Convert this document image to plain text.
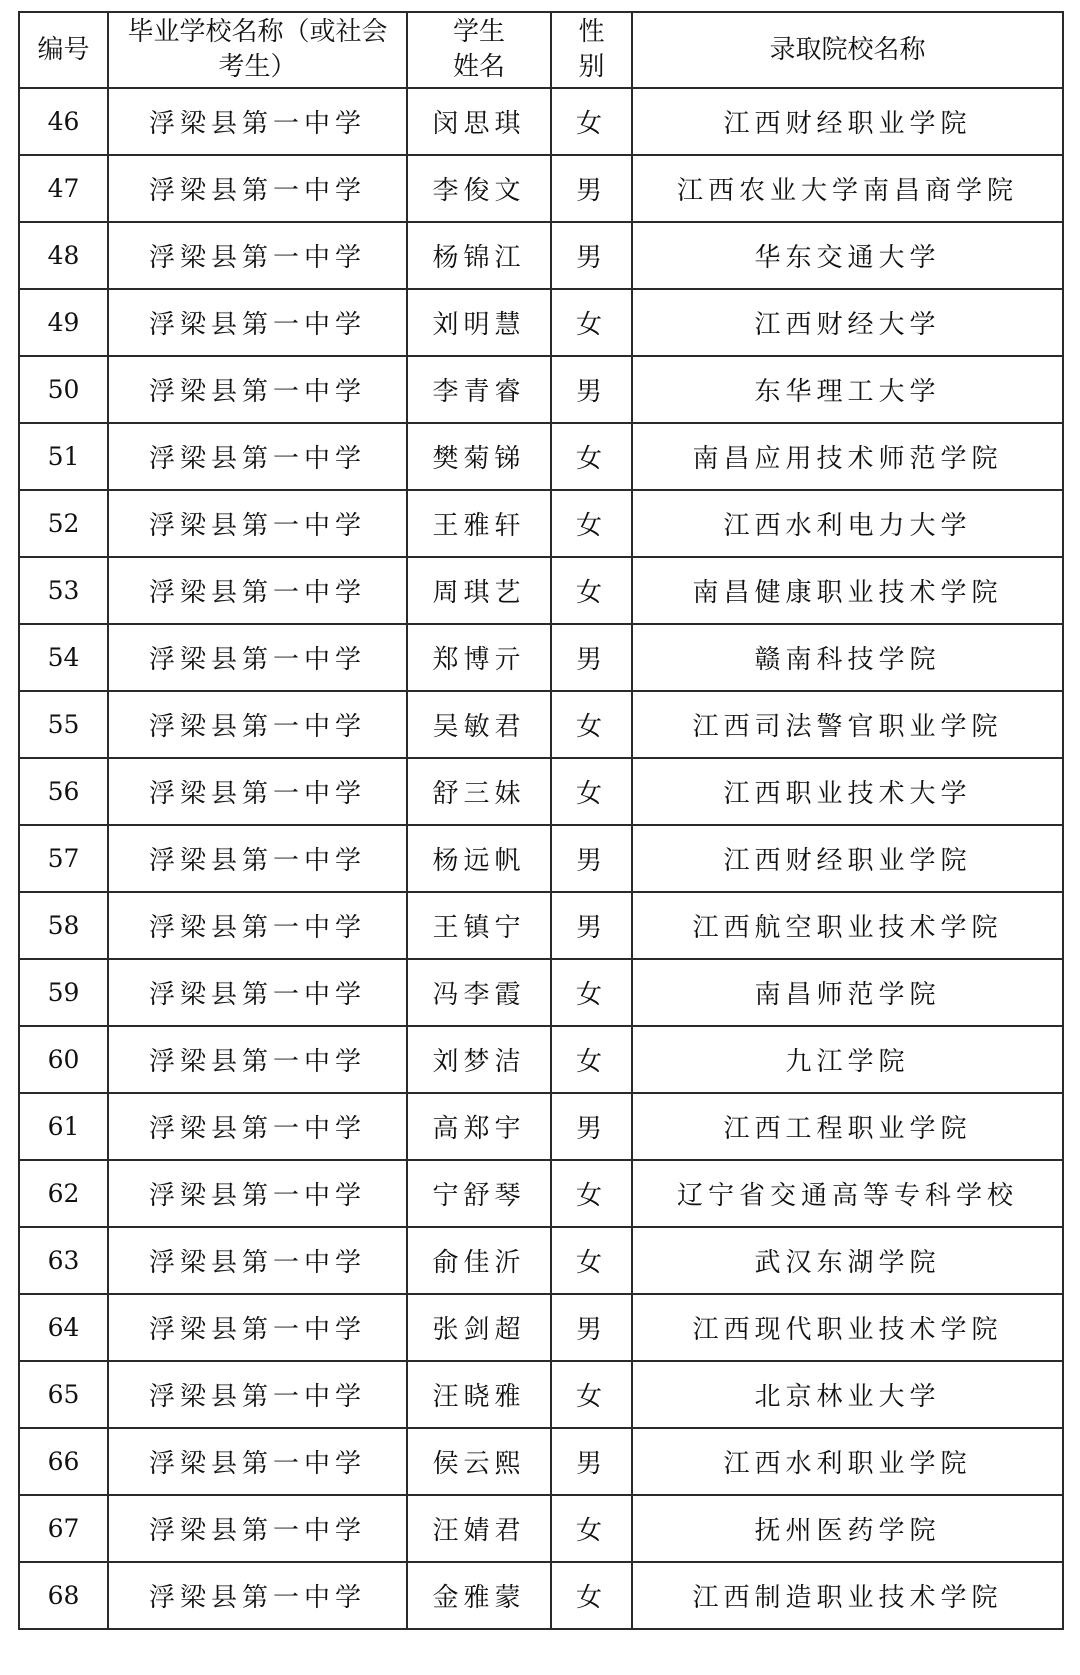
编号	毕业学校名称（或社会考生）	学生姓名	性别	录取院校名称
46	浮梁县第一中学	闵思琪	女	江西财经职业学院
47	浮梁县第一中学	李俊文	男	江西农业大学南昌商学院
48	浮梁县第一中学	杨锦江	男	华东交通大学
49	浮梁县第一中学	刘明慧	女	江西财经大学
50	浮梁县第一中学	李青睿	男	东华理工大学
51	浮梁县第一中学	樊菊锑	女	南昌应用技术师范学院
52	浮梁县第一中学	王雅轩	女	江西水利电力大学
53	浮梁县第一中学	周琪艺	女	南昌健康职业技术学院
54	浮梁县第一中学	郑博亓	男	赣南科技学院
55	浮梁县第一中学	吴敏君	女	江西司法警官职业学院
56	浮梁县第一中学	舒三妹	女	江西职业技术大学
57	浮梁县第一中学	杨远帆	男	江西财经职业学院
58	浮梁县第一中学	王镇宁	男	江西航空职业技术学院
59	浮梁县第一中学	冯李霞	女	南昌师范学院
60	浮梁县第一中学	刘梦洁	女	九江学院
61	浮梁县第一中学	高郑宇	男	江西工程职业学院
62	浮梁县第一中学	宁舒琴	女	辽宁省交通高等专科学校
63	浮梁县第一中学	俞佳沂	女	武汉东湖学院
64	浮梁县第一中学	张剑超	男	江西现代职业技术学院
65	浮梁县第一中学	汪晓雅	女	北京林业大学
66	浮梁县第一中学	侯云熙	男	江西水利职业学院
67	浮梁县第一中学	汪婧君	女	抚州医药学院
68	浮梁县第一中学	金雅蒙	女	江西制造职业技术学院
